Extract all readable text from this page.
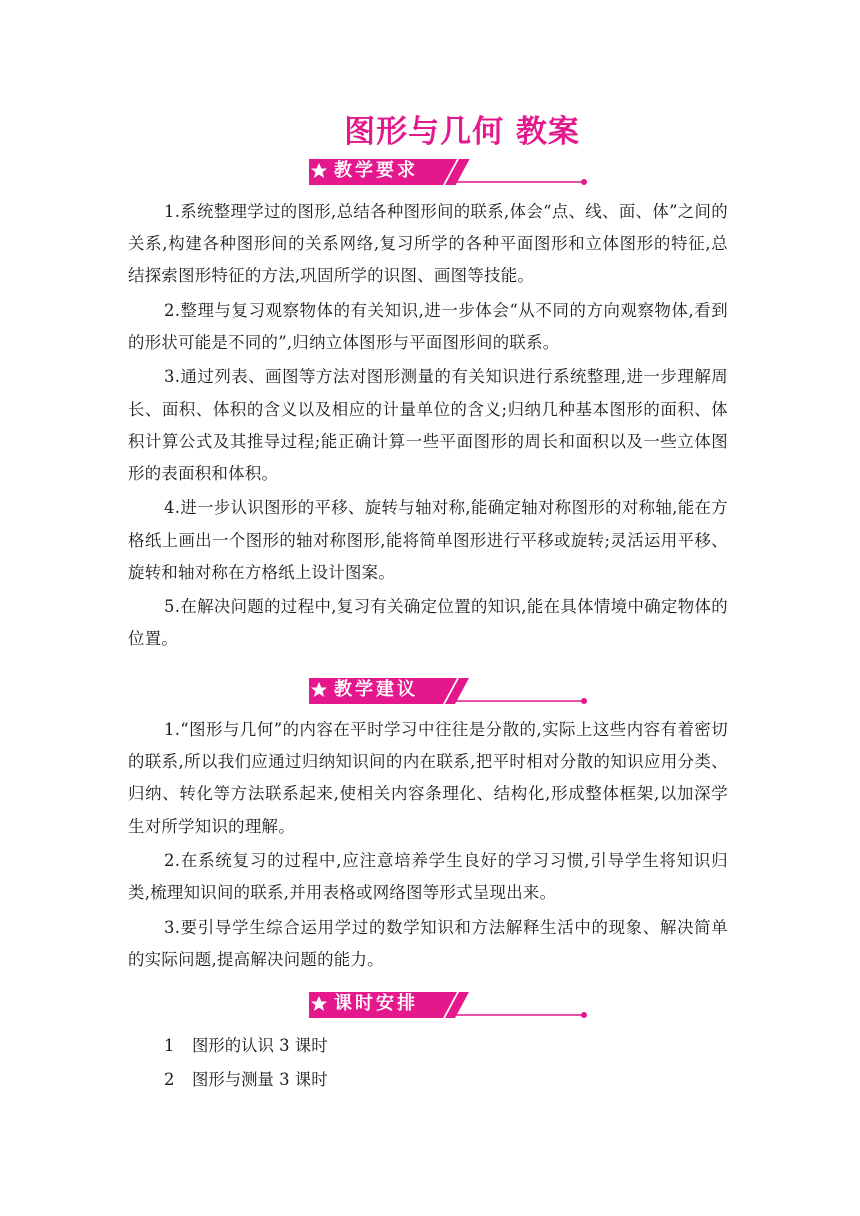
图形与几何 教案
教学要求

1.系统整理学过的图形,总结各种图形间的联系,体会“点、线、面、体”之间的关系,构建各种图形间的关系网络,复习所学的各种平面图形和立体图形的特征,总结探索图形特征的方法,巩固所学的识图、画图等技能。

2.整理与复习观察物体的有关知识,进一步体会“从不同的方向观察物体,看到的形状可能是不同的”,归纳立体图形与平面图形间的联系。

3.通过列表、画图等方法对图形测量的有关知识进行系统整理,进一步理解周长、面积、体积的含义以及相应的计量单位的含义;归纳几种基本图形的面积、体积计算公式及其推导过程;能正确计算一些平面图形的周长和面积以及一些立体图形的表面积和体积。

4.进一步认识图形的平移、旋转与轴对称,能确定轴对称图形的对称轴,能在方格纸上画出一个图形的轴对称图形,能将简单图形进行平移或旋转;灵活运用平移、旋转和轴对称在方格纸上设计图案。

5.在解决问题的过程中,复习有关确定位置的知识,能在具体情境中确定物体的位置。

教学建议

1.“图形与几何”的内容在平时学习中往往是分散的,实际上这些内容有着密切的联系,所以我们应通过归纳知识间的内在联系,把平时相对分散的知识应用分类、归纳、转化等方法联系起来,使相关内容条理化、结构化,形成整体框架,以加深学生对所学知识的理解。

2.在系统复习的过程中,应注意培养学生良好的学习习惯,引导学生将知识归类,梳理知识间的联系,并用表格或网络图等形式呈现出来。

3.要引导学生综合运用学过的数学知识和方法解释生活中的现象、解决简单的实际问题,提高解决问题的能力。

课时安排
1	图形的认识 3 课时
2	图形与测量 3 课时
